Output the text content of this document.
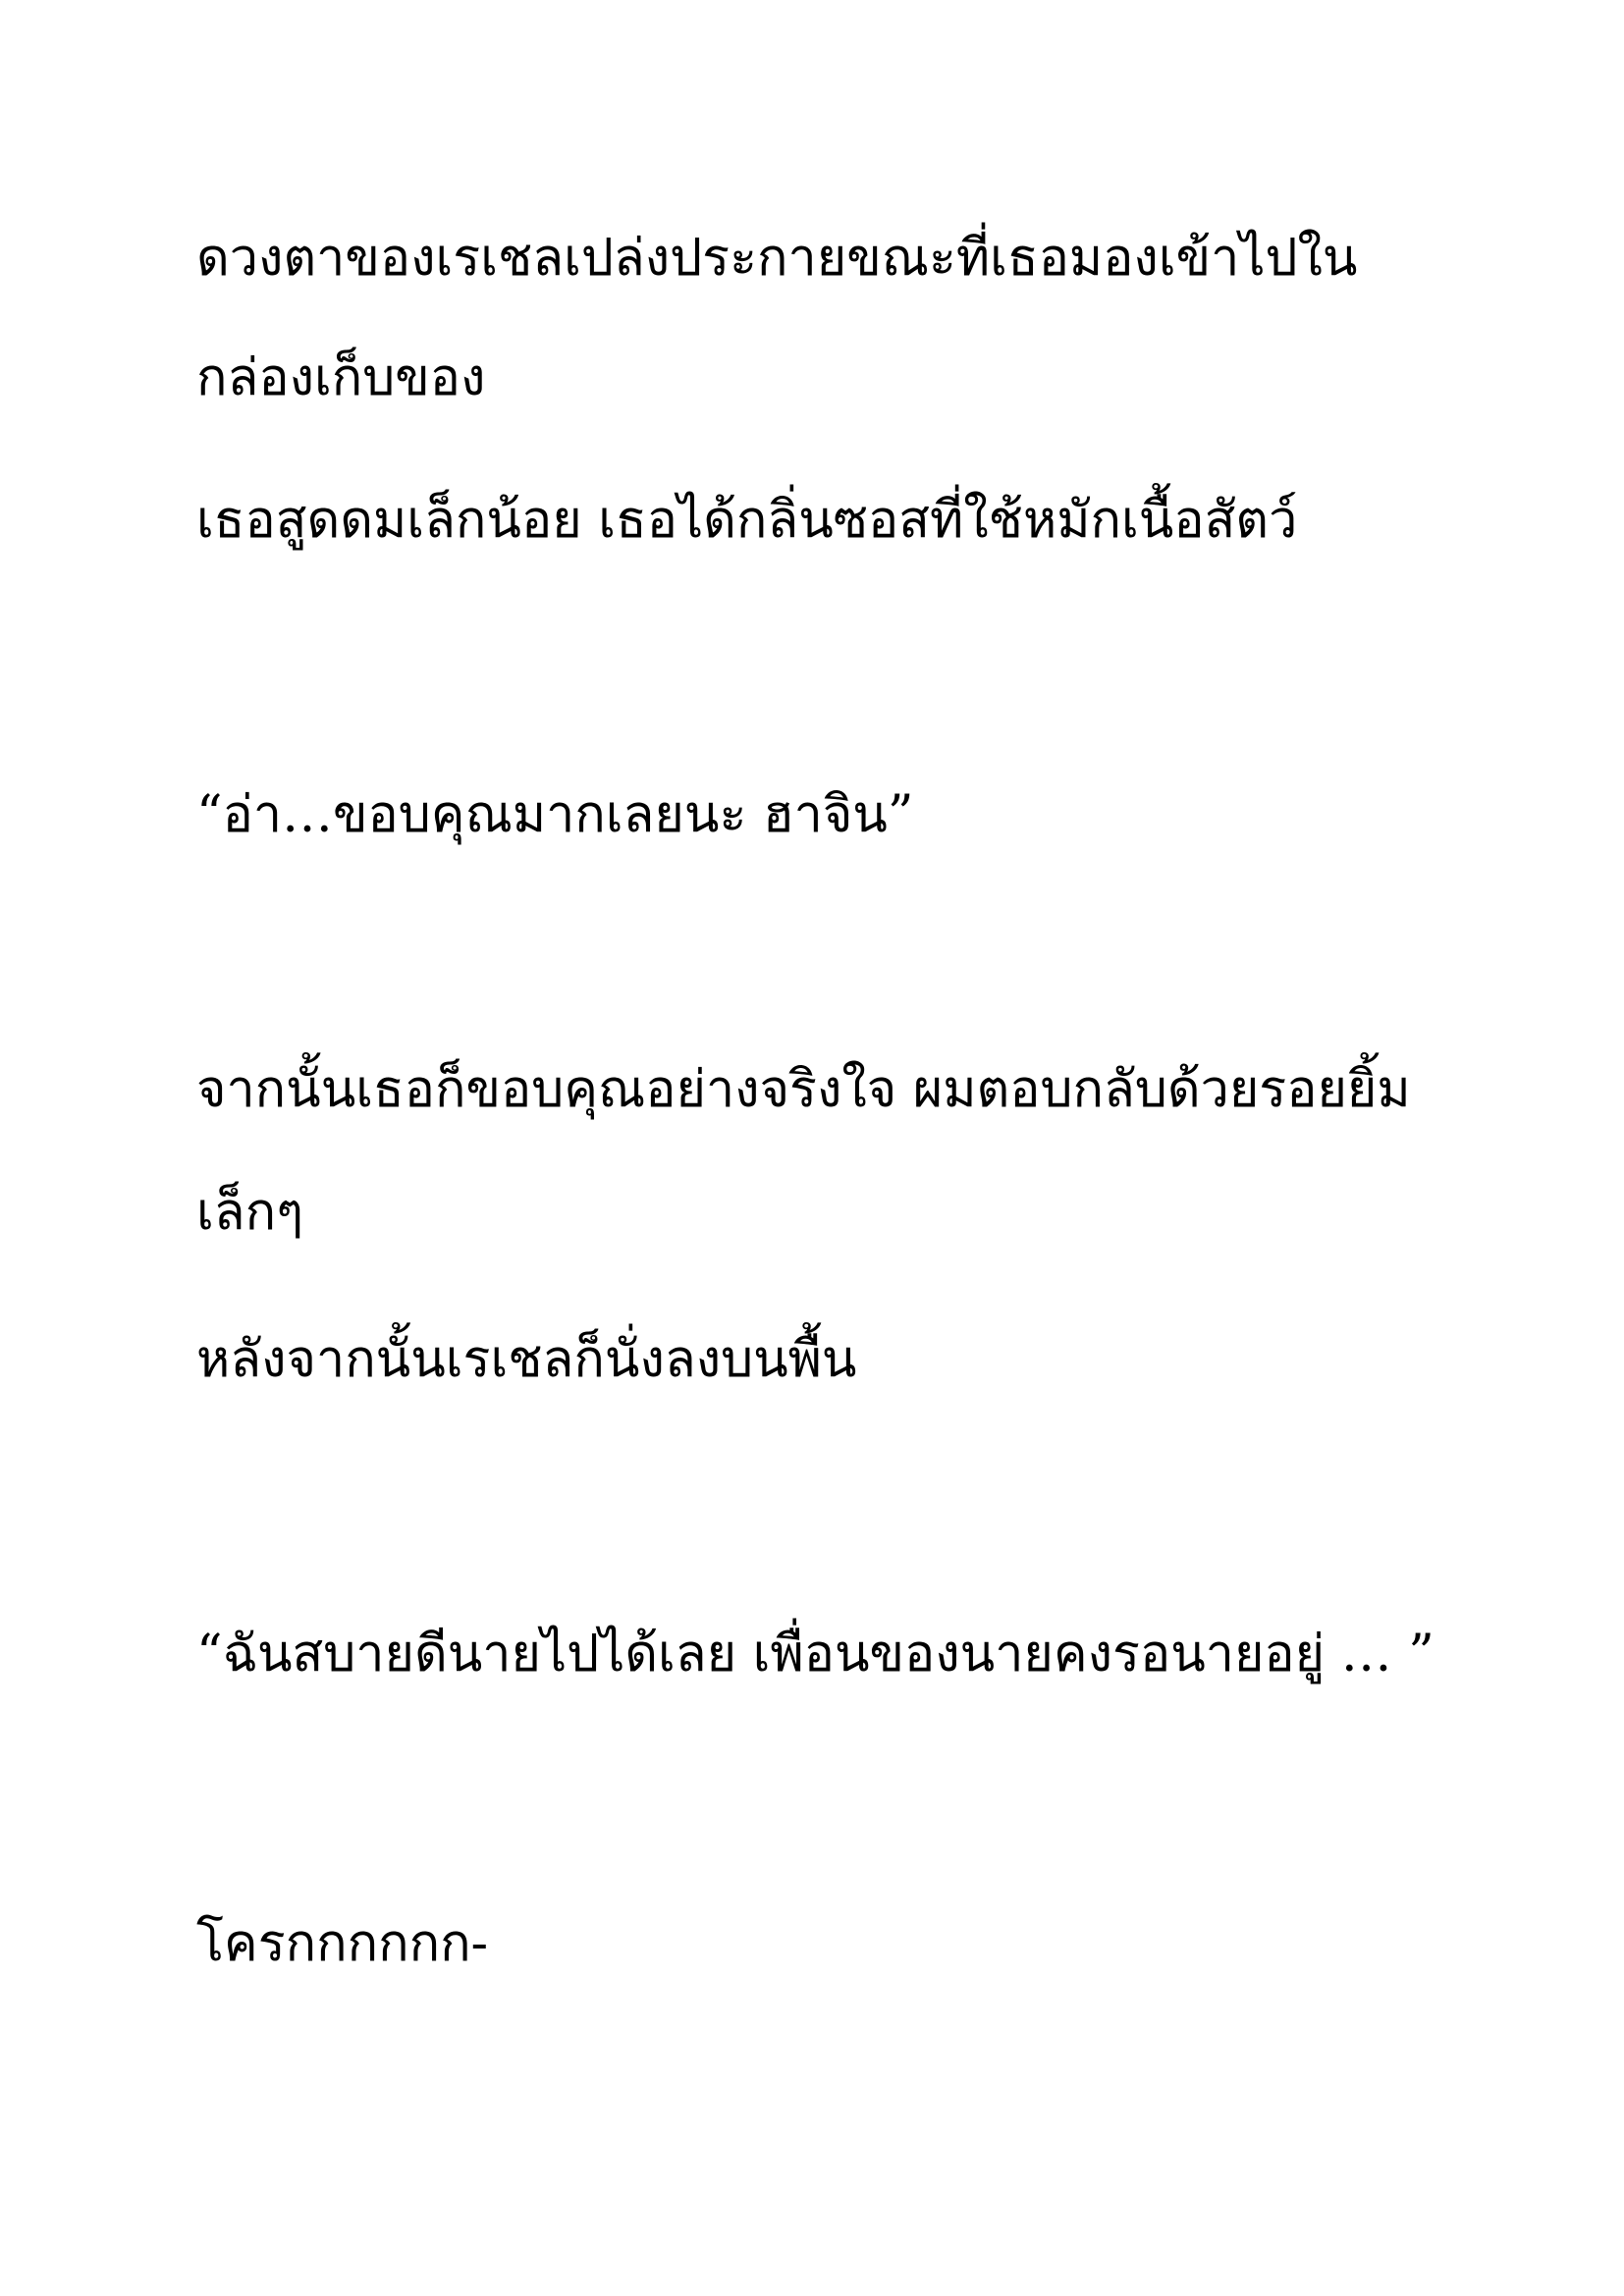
ดวงตาของเรเชลเปล่งประกายขณะที่เธอมองเข้าไปใน
กล่องเก็บของ
เธอสูดดมเล็กน้อย เธอได้กลิ่นซอสที่ใช้หมักเนื้อสัตว์
“อ่า…ขอบคุณมากเลยนะ ฮาจิน”
จากนั้นเธอก็ขอบคุณอย่างจริงใจ ผมตอบกลับด้วยรอยยิ้ม
เล็กๆ
หลังจากนั้นเรเชลก็นั่งลงบนพื้น
“ฉันสบายดีนายไปได้เลย เพื่อนของนายคงรอนายอยู่ … ”
โครกกกกกก-
